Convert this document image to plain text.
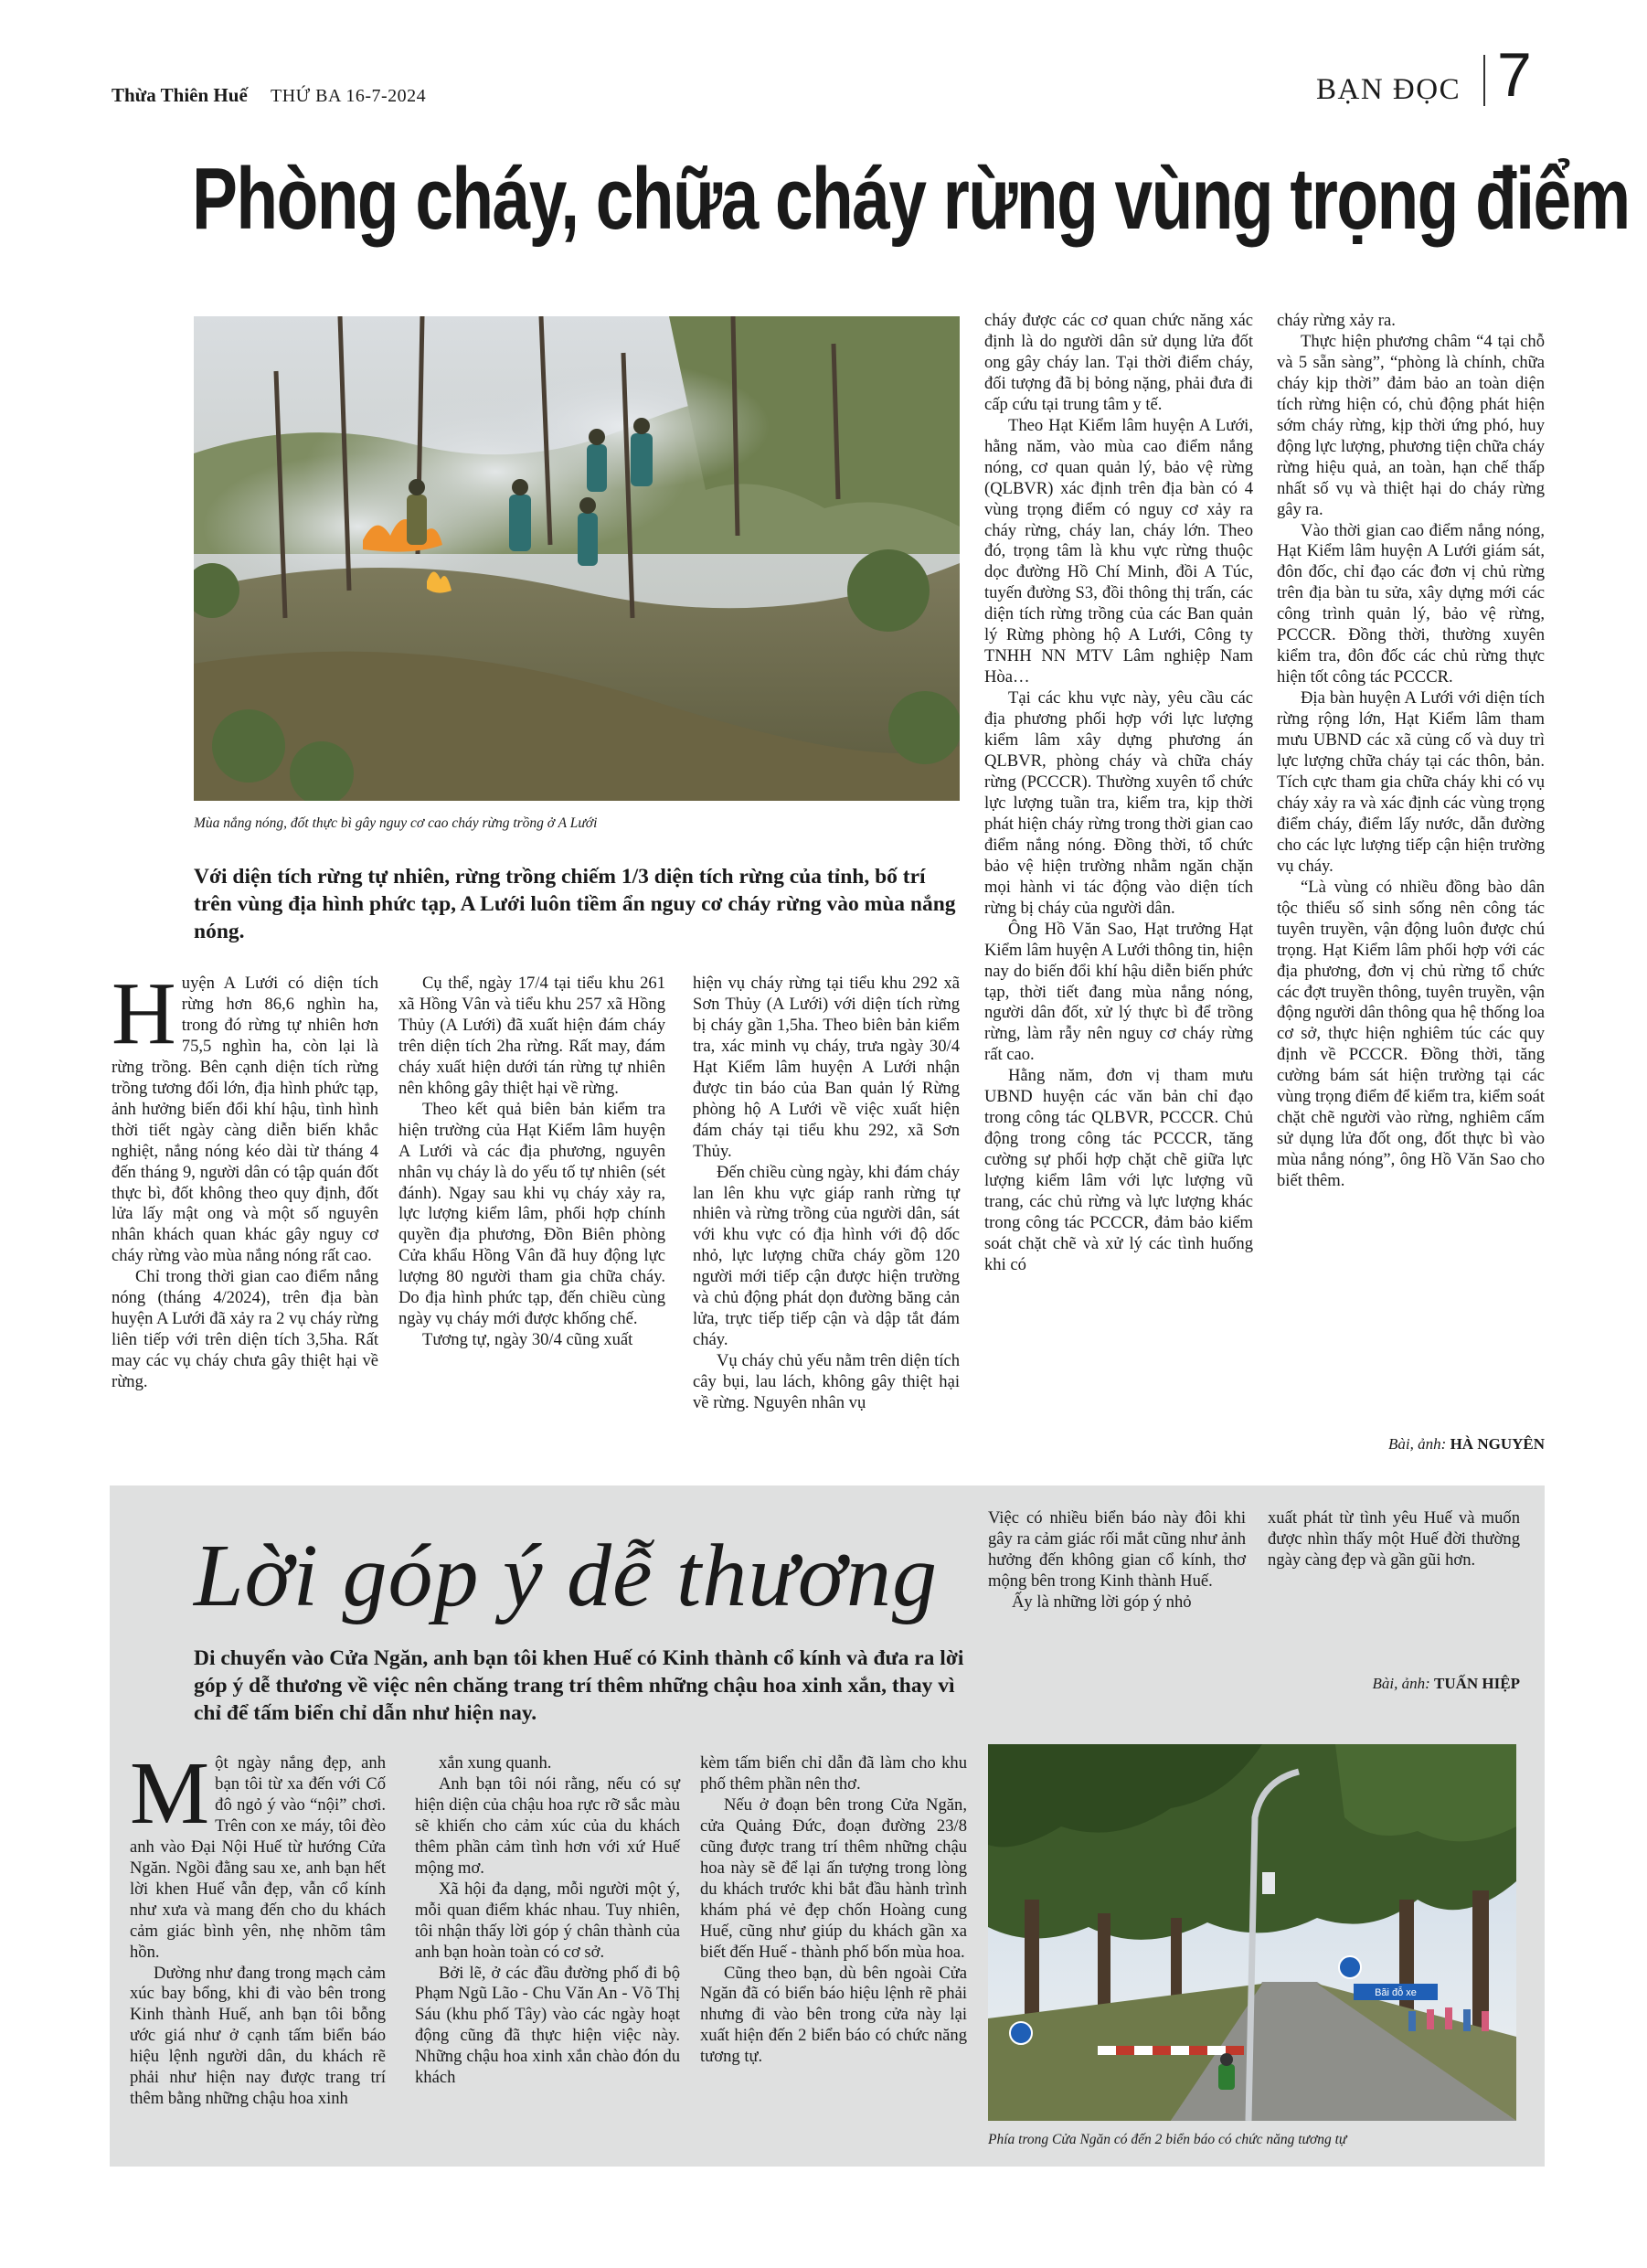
Thừa Thiên Huế THỨ BA 16-7-2024	BẠN ĐỌC 7
Phòng cháy, chữa cháy rừng vùng trọng điểm
Mùa nắng nóng, đốt thực bì gây nguy cơ cao cháy rừng trồng ở A Lưới
Với diện tích rừng tự nhiên, rừng trồng chiếm 1/3 diện tích rừng của tỉnh, bố trí trên vùng địa hình phức tạp, A Lưới luôn tiềm ẩn nguy cơ cháy rừng vào mùa nắng nóng.

Huyện A Lưới có diện tích rừng hơn 86,6 nghìn ha, trong đó rừng tự nhiên hơn 75,5 nghìn ha, còn lại là rừng trồng. Bên cạnh diện tích rừng trồng tương đối lớn, địa hình phức tạp, ảnh hưởng biến đổi khí hậu, tình hình thời tiết ngày càng diễn biến khắc nghiệt, nắng nóng kéo dài từ tháng 4 đến tháng 9, người dân có tập quán đốt thực bì, đốt không theo quy định, đốt lửa lấy mật ong và một số nguyên nhân khách quan khác gây nguy cơ cháy rừng vào mùa nắng nóng rất cao.

Chỉ trong thời gian cao điểm nắng nóng (tháng 4/2024), trên địa bàn huyện A Lưới đã xảy ra 2 vụ cháy rừng liên tiếp với trên diện tích 3,5ha. Rất may các vụ cháy chưa gây thiệt hại về rừng.

Cụ thể, ngày 17/4 tại tiểu khu 261 xã Hồng Vân và tiểu khu 257 xã Hồng Thủy (A Lưới) đã xuất hiện đám cháy trên diện tích 2ha rừng. Rất may, đám cháy xuất hiện dưới tán rừng tự nhiên nên không gây thiệt hại về rừng.

Theo kết quả biên bản kiểm tra hiện trường của Hạt Kiểm lâm huyện A Lưới và các địa phương, nguyên nhân vụ cháy là do yếu tố tự nhiên (sét đánh). Ngay sau khi vụ cháy xảy ra, lực lượng kiểm lâm, phối hợp chính quyền địa phương, Đồn Biên phòng Cửa khẩu Hồng Vân đã huy động lực lượng 80 người tham gia chữa cháy. Do địa hình phức tạp, đến chiều cùng ngày vụ cháy mới được khống chế.

Tương tự, ngày 30/4 cũng xuất

hiện vụ cháy rừng tại tiểu khu 292 xã Sơn Thủy (A Lưới) với diện tích rừng bị cháy gần 1,5ha. Theo biên bản kiểm tra, xác minh vụ cháy, trưa ngày 30/4 Hạt Kiểm lâm huyện A Lưới nhận được tin báo của Ban quản lý Rừng phòng hộ A Lưới về việc xuất hiện đám cháy tại tiểu khu 292, xã Sơn Thủy.

Đến chiều cùng ngày, khi đám cháy lan lên khu vực giáp ranh rừng tự nhiên và rừng trồng của người dân, sát với khu vực có địa hình với độ dốc nhỏ, lực lượng chữa cháy gồm 120 người mới tiếp cận được hiện trường và chủ động phát dọn đường băng cản lửa, trực tiếp tiếp cận và dập tắt đám cháy.

Vụ cháy chủ yếu nằm trên diện tích cây bụi, lau lách, không gây thiệt hại về rừng. Nguyên nhân vụ

cháy được các cơ quan chức năng xác định là do người dân sử dụng lửa đốt ong gây cháy lan. Tại thời điểm cháy, đối tượng đã bị bỏng nặng, phải đưa đi cấp cứu tại trung tâm y tế.

Theo Hạt Kiểm lâm huyện A Lưới, hằng năm, vào mùa cao điểm nắng nóng, cơ quan quản lý, bảo vệ rừng (QLBVR) xác định trên địa bàn có 4 vùng trọng điểm có nguy cơ xảy ra cháy rừng, cháy lan, cháy lớn. Theo đó, trọng tâm là khu vực rừng thuộc dọc đường Hồ Chí Minh, đồi A Túc, tuyến đường S3, đồi thông thị trấn, các diện tích rừng trồng của các Ban quản lý Rừng phòng hộ A Lưới, Công ty TNHH NN MTV Lâm nghiệp Nam Hòa…

Tại các khu vực này, yêu cầu các địa phương phối hợp với lực lượng kiểm lâm xây dựng phương án QLBVR, phòng cháy và chữa cháy rừng (PCCCR). Thường xuyên tổ chức lực lượng tuần tra, kiểm tra, kịp thời phát hiện cháy rừng trong thời gian cao điểm nắng nóng. Đồng thời, tổ chức bảo vệ hiện trường nhằm ngăn chặn mọi hành vi tác động vào diện tích rừng bị cháy của người dân.

Ông Hồ Văn Sao, Hạt trưởng Hạt Kiểm lâm huyện A Lưới thông tin, hiện nay do biến đổi khí hậu diễn biến phức tạp, thời tiết đang mùa nắng nóng, người dân đốt, xử lý thực bì để trồng rừng, làm rẫy nên nguy cơ cháy rừng rất cao.

Hằng năm, đơn vị tham mưu UBND huyện các văn bản chỉ đạo trong công tác QLBVR, PCCCR. Chủ động trong công tác PCCCR, tăng cường sự phối hợp chặt chẽ giữa lực lượng kiểm lâm với lực lượng vũ trang, các chủ rừng và lực lượng khác trong công tác PCCCR, đảm bảo kiểm soát chặt chẽ và xử lý các tình huống khi có

cháy rừng xảy ra.

Thực hiện phương châm “4 tại chỗ và 5 sẵn sàng”, “phòng là chính, chữa cháy kịp thời” đảm bảo an toàn diện tích rừng hiện có, chủ động phát hiện sớm cháy rừng, kịp thời ứng phó, huy động lực lượng, phương tiện chữa cháy rừng hiệu quả, an toàn, hạn chế thấp nhất số vụ và thiệt hại do cháy rừng gây ra.

Vào thời gian cao điểm nắng nóng, Hạt Kiểm lâm huyện A Lưới giám sát, đôn đốc, chỉ đạo các đơn vị chủ rừng trên địa bàn tu sửa, xây dựng mới các công trình quản lý, bảo vệ rừng, PCCCR. Đồng thời, thường xuyên kiểm tra, đôn đốc các chủ rừng thực hiện tốt công tác PCCCR.

Địa bàn huyện A Lưới với diện tích rừng rộng lớn, Hạt Kiểm lâm tham mưu UBND các xã củng cố và duy trì lực lượng chữa cháy tại các thôn, bản. Tích cực tham gia chữa cháy khi có vụ cháy xảy ra và xác định các vùng trọng điểm cháy, điểm lấy nước, dẫn đường cho các lực lượng tiếp cận hiện trường vụ cháy.

“Là vùng có nhiều đồng bào dân tộc thiểu số sinh sống nên công tác tuyên truyền, vận động luôn được chú trọng. Hạt Kiểm lâm phối hợp với các địa phương, đơn vị chủ rừng tổ chức các đợt truyền thông, tuyên truyền, vận động người dân thông qua hệ thống loa cơ sở, thực hiện nghiêm túc các quy định về PCCCR. Đồng thời, tăng cường bám sát hiện trường tại các vùng trọng điểm để kiểm tra, kiểm soát chặt chẽ người vào rừng, nghiêm cấm sử dụng lửa đốt ong, đốt thực bì vào mùa nắng nóng”, ông Hồ Văn Sao cho biết thêm.

Bài, ảnh: HÀ NGUYÊN
Lời góp ý dễ thương
Di chuyển vào Cửa Ngăn, anh bạn tôi khen Huế có Kinh thành cổ kính và đưa ra lời góp ý dễ thương về việc nên chăng trang trí thêm những chậu hoa xinh xắn, thay vì chỉ để tấm biển chỉ dẫn như hiện nay.

Việc có nhiều biển báo này đôi khi gây ra cảm giác rối mắt cũng như ảnh hưởng đến không gian cổ kính, thơ mộng bên trong Kinh thành Huế.

Ấy là những lời góp ý nhỏ

xuất phát từ tình yêu Huế và muốn được nhìn thấy một Huế đời thường ngày càng đẹp và gần gũi hơn.

Bài, ảnh: TUẤN HIỆP

Một ngày nắng đẹp, anh bạn tôi từ xa đến với Cố đô ngỏ ý vào “nội” chơi. Trên con xe máy, tôi đèo anh vào Đại Nội Huế từ hướng Cửa Ngăn. Ngồi đằng sau xe, anh bạn hết lời khen Huế vẫn đẹp, vẫn cổ kính như xưa và mang đến cho du khách cảm giác bình yên, nhẹ nhõm tâm hồn.

Dường như đang trong mạch cảm xúc bay bổng, khi đi vào bên trong Kinh thành Huế, anh bạn tôi bỗng ước giá như ở cạnh tấm biển báo hiệu lệnh người dân, du khách rẽ phải như hiện nay được trang trí thêm bằng những chậu hoa xinh

xắn xung quanh.

Anh bạn tôi nói rằng, nếu có sự hiện diện của chậu hoa rực rỡ sắc màu sẽ khiến cho cảm xúc của du khách thêm phần cảm tình hơn với xứ Huế mộng mơ.

Xã hội đa dạng, mỗi người một ý, mỗi quan điểm khác nhau. Tuy nhiên, tôi nhận thấy lời góp ý chân thành của anh bạn hoàn toàn có cơ sở.

Bởi lẽ, ở các đầu đường phố đi bộ Phạm Ngũ Lão - Chu Văn An - Võ Thị Sáu (khu phố Tây) vào các ngày hoạt động cũng đã thực hiện việc này. Những chậu hoa xinh xắn chào đón du khách

kèm tấm biển chỉ dẫn đã làm cho khu phố thêm phần nên thơ.

Nếu ở đoạn bên trong Cửa Ngăn, cửa Quảng Đức, đoạn đường 23/8 cũng được trang trí thêm những chậu hoa này sẽ để lại ấn tượng trong lòng du khách trước khi bắt đầu hành trình khám phá vẻ đẹp chốn Hoàng cung Huế, cũng như giúp du khách gần xa biết đến Huế - thành phố bốn mùa hoa.

Cũng theo bạn, dù bên ngoài Cửa Ngăn đã có biển báo hiệu lệnh rẽ phải nhưng đi vào bên trong cửa này lại xuất hiện đến 2 biển báo có chức năng tương tự.

Bãi đỗ xe
Phía trong Cửa Ngăn có đến 2 biển báo có chức năng tương tự
